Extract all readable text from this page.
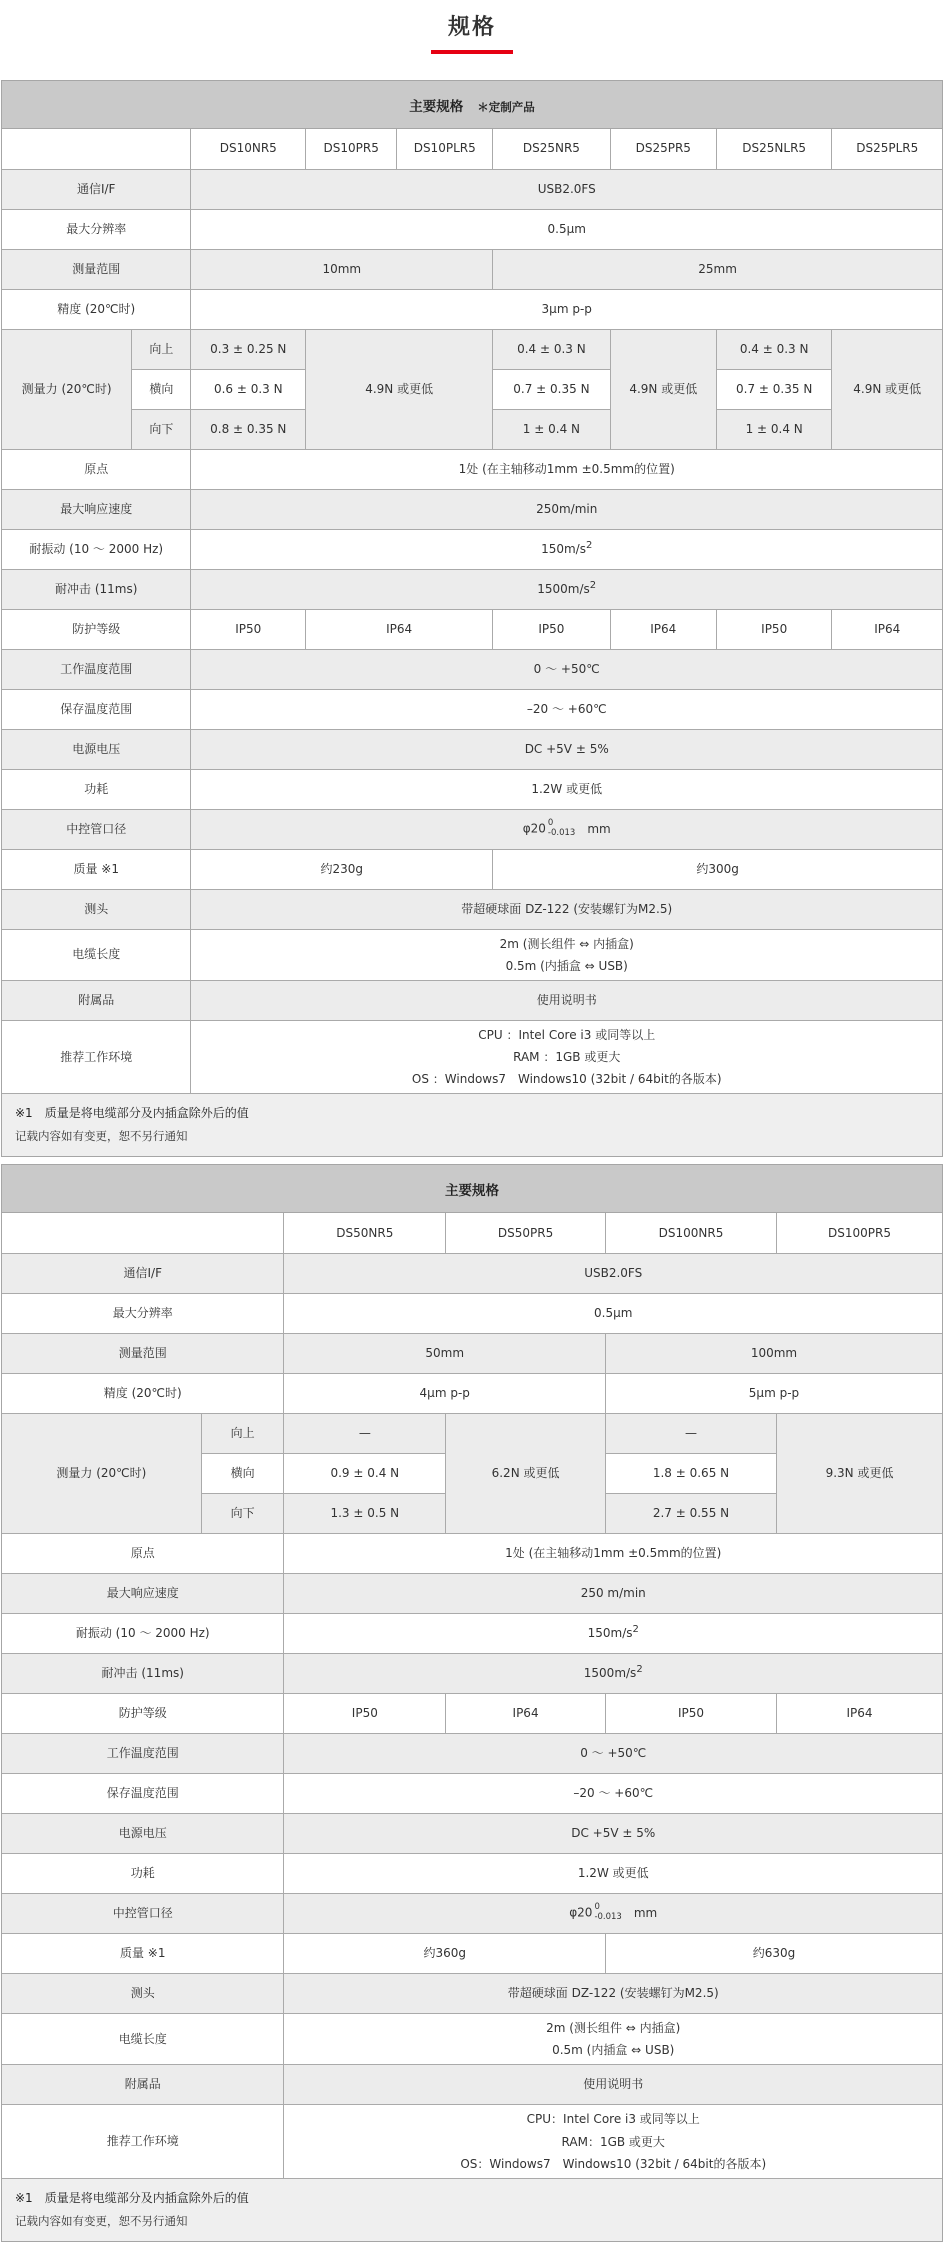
规格
主要规格 ＊定制产品
		DS10NR5	DS10PR5	DS10PLR5	DS25NR5	DS25PR5	DS25NLR5	DS25PLR5
通信I/F		USB2.0FS						
最大分辨率		0.5μm						
测量范围		10mm			25mm			
精度 (20℃时)		3μm p-p						
测量力 (20℃时)	向上	0.3 ± 0.25 N	4.9N 或更低		0.4 ± 0.3 N	4.9N 或更低	0.4 ± 0.3 N	4.9N 或更低
	横向	0.6 ± 0.3 N			0.7 ± 0.35 N		0.7 ± 0.35 N	
	向下	0.8 ± 0.35 N			1 ± 0.4 N		1 ± 0.4 N	
原点		1处 (在主轴移动1mm ±0.5mm的位置)						
最大响应速度		250m/min						
耐振动 (10 ～ 2000 Hz)		$150m/s^2$
耐冲击 (11ms)		$1500m/s^2$
防护等级		IP50	IP64		IP50	IP64	IP50	IP64
工作温度范围		0 ～ +50℃						
保存温度范围		–20 ～ +60℃						
电源电压		DC +5V ± 5%						
功耗		1.2W 或更低						
中控管口径		φ20 0
-0.013 mm						
质量 ※1		约230g			约300g			
测头		带超硬球面 DZ-122 (安装螺钉为M2.5)						
电缆长度		2m (测长组件 ⇔ 内插盒)
0.5m (内插盒 ⇔ USB)						

附属品		使用说明书						
推荐工作环境		CPU ：Intel Core i3 或同等以上
RAM ：1GB 或更大
OS ：Windows7　Windows10 (32bit / 64bit的各版本)						
※1　质量是将电缆部分及内插盒除外后的值
记载内容如有变更，恕不另行通知
主要规格
		DS50NR5	DS50PR5	DS100NR5	DS100PR5
通信I/F		USB2.0FS			
最大分辨率		0.5μm			
测量范围		50mm		100mm	
精度 (20℃时)		4μm p-p		5μm p-p	
测量力 (20℃时)	向上	—	6.2N 或更低	—	9.3N 或更低
	横向	0.9 ± 0.4 N		1.8 ± 0.65 N	
	向下	1.3 ± 0.5 N		2.7 ± 0.55 N	
原点		1处 (在主轴移动1mm ±0.5mm的位置)			
最大响应速度		250 m/min			
耐振动 (10 ～ 2000 Hz)		$150m/s^2$
耐冲击 (11ms)		$1500m/s^2$
防护等级		IP50	IP64	IP50	IP64
工作温度范围		0 ～ +50℃			
保存温度范围		–20 ～ +60℃			
电源电压		DC +5V ± 5%			
功耗		1.2W 或更低			
中控管口径		φ20 0
-0.013 mm			
质量 ※1		约360g		约630g	
测头		带超硬球面 DZ-122 (安装螺钉为M2.5)			
电缆长度		2m (测长组件 ⇔ 内插盒)
0.5m (内插盒 ⇔ USB)			

附属品		使用说明书			
推荐工作环境		CPU：Intel Core i3 或同等以上
RAM：1GB 或更大
OS：Windows7　Windows10 (32bit / 64bit的各版本)			
※1　质量是将电缆部分及内插盒除外后的值
记载内容如有变更，恕不另行通知
